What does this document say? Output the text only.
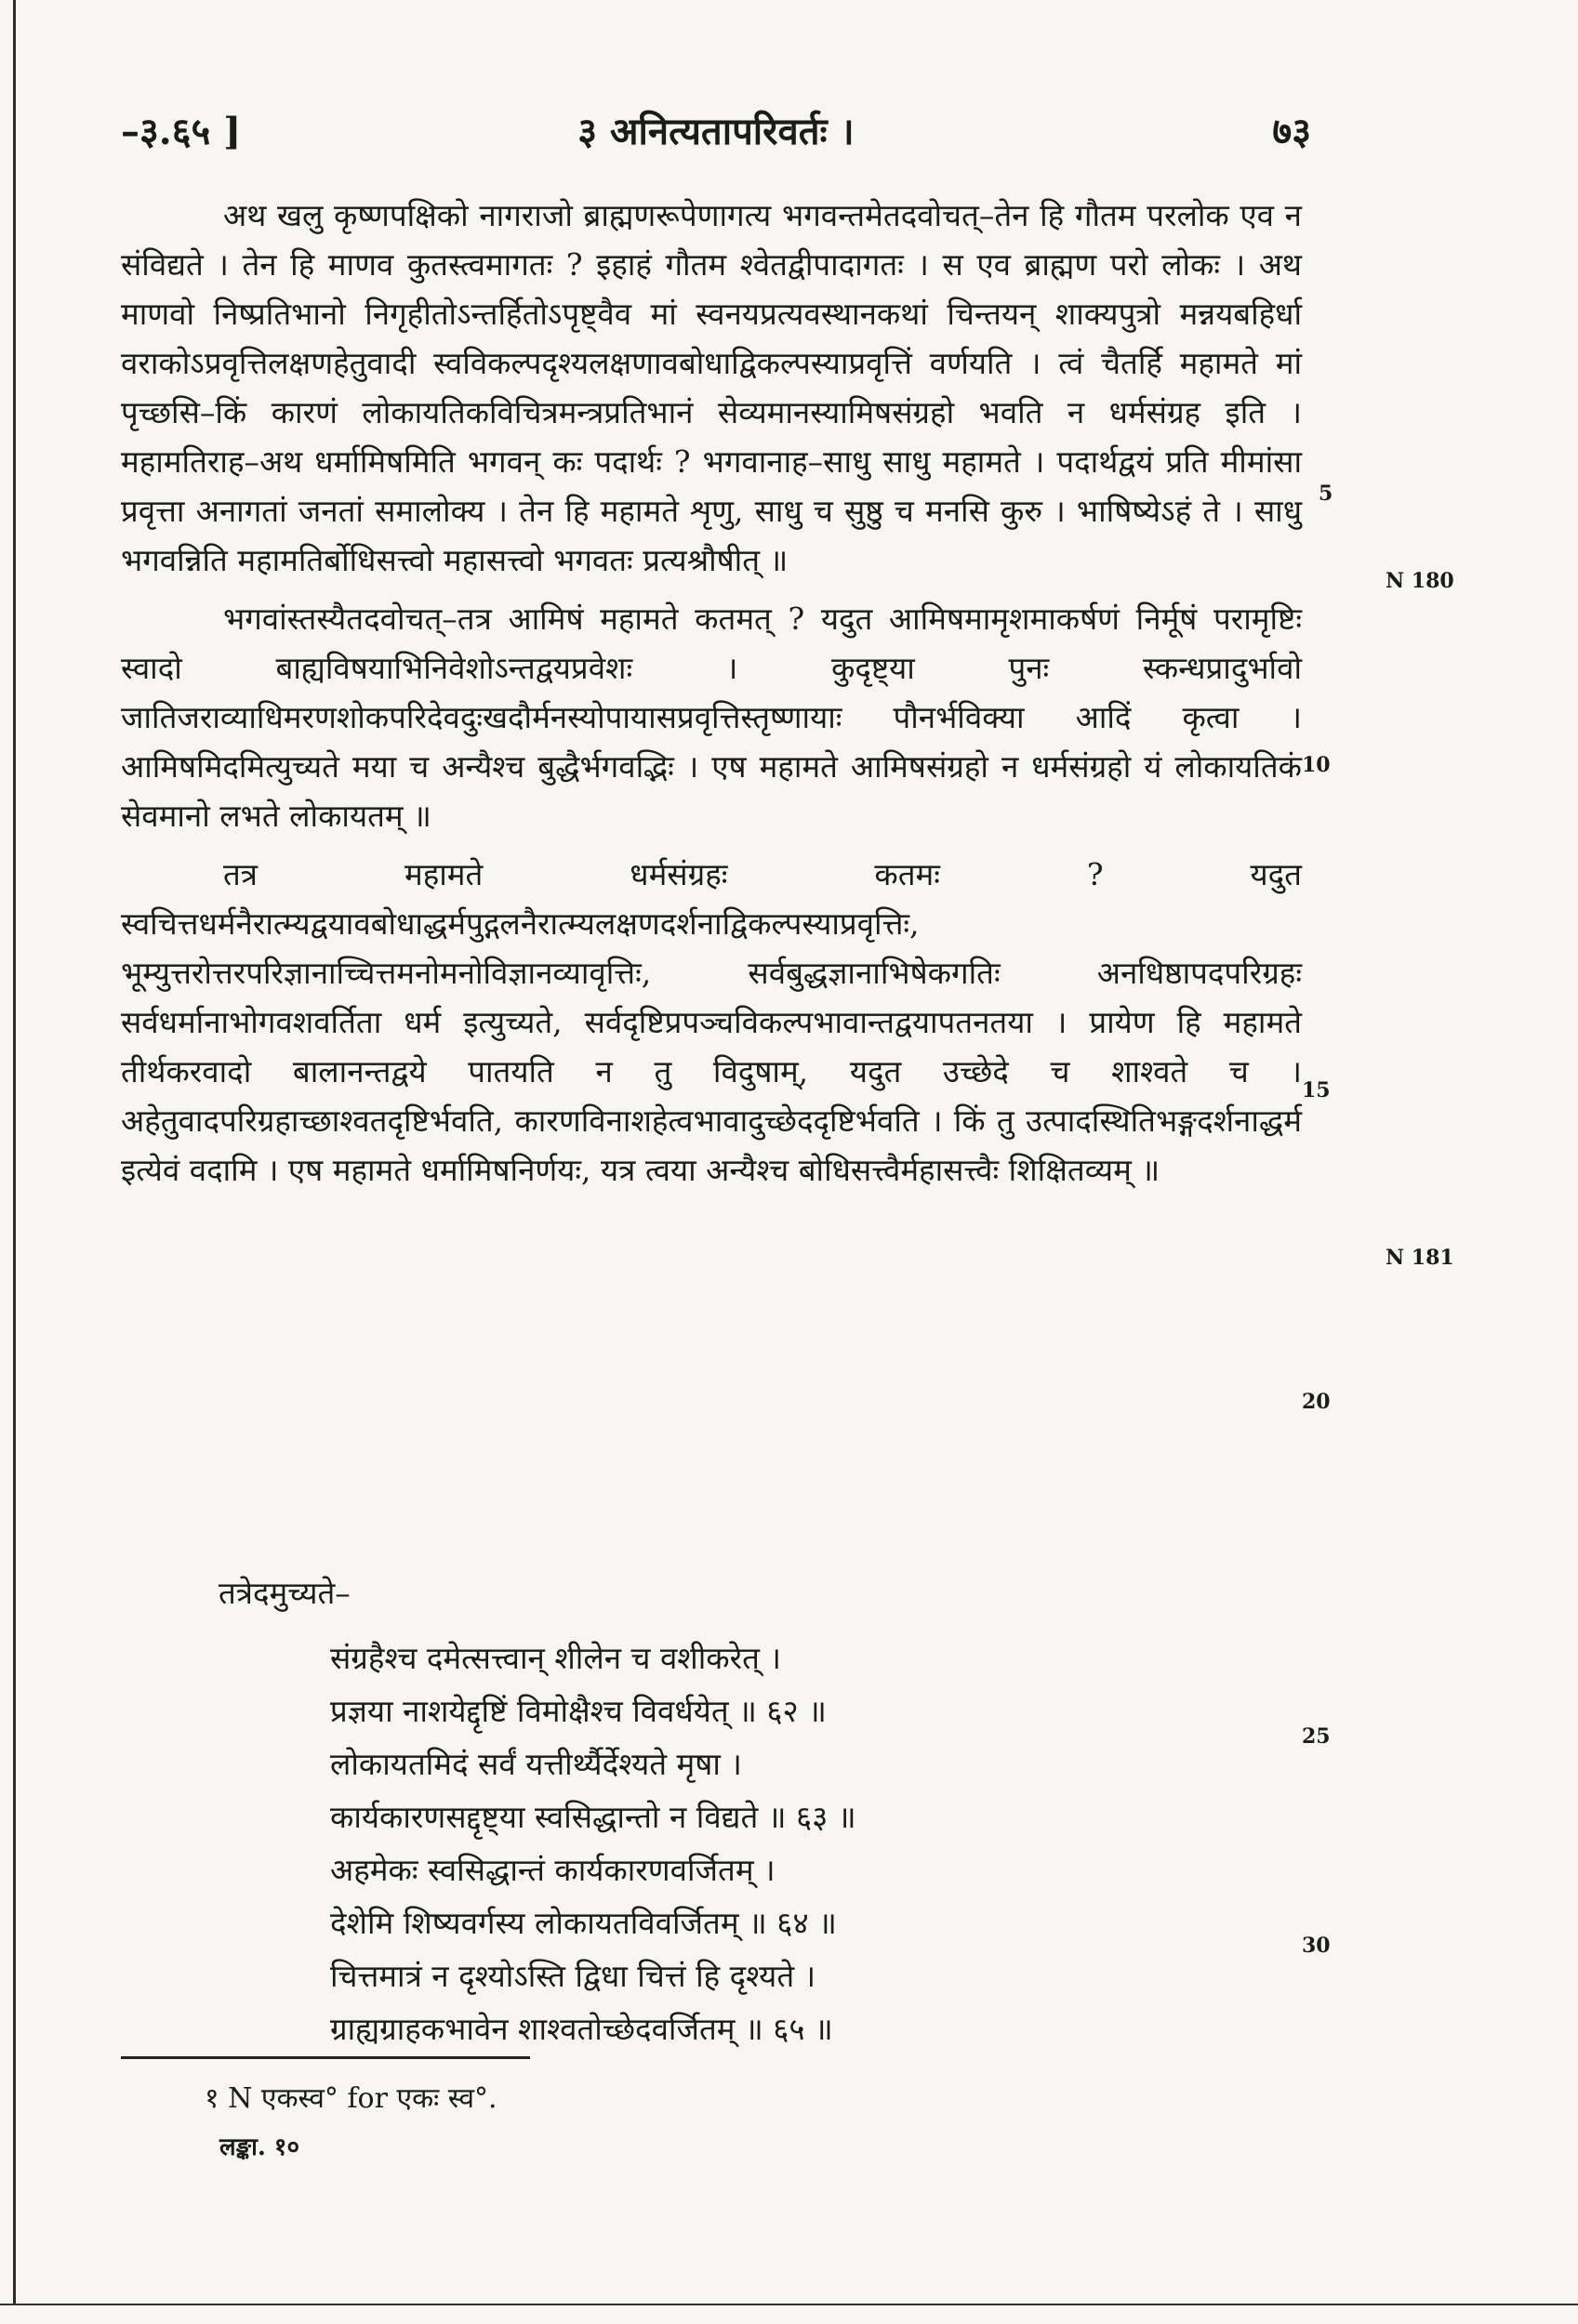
–३.६५ ]	३ अनित्यतापरिवर्तः ।	७३

अथ खलु कृष्णपक्षिको नागराजो ब्राह्मणरूपेणागत्य भगवन्तमेतदवोचत्–तेन हि गौतम परलोक एव न संविद्यते । तेन हि माणव कुतस्त्वमागतः ? इहाहं गौतम श्वेतद्वीपादागतः । स एव ब्राह्मण परो लोकः । अथ माणवो निष्प्रतिभानो निगृहीतोऽन्तर्हितोऽपृष्ट्वैव मां स्वनयप्रत्यवस्थानकथां चिन्तयन् शाक्यपुत्रो मन्नयबहिर्धा वराकोऽप्रवृत्तिलक्षणहेतुवादी स्वविकल्पदृश्यलक्षणावबोधाद्विकल्पस्याप्रवृत्तिं वर्णयति । त्वं चैतर्हि महामते मां पृच्छसि–किं कारणं लोकायतिकविचित्रमन्त्रप्रतिभानं सेव्यमानस्यामिषसंग्रहो भवति न धर्मसंग्रह इति । महामतिराह–अथ धर्मामिषमिति भगवन् कः पदार्थः ? भगवानाह–साधु साधु महामते । पदार्थद्वयं प्रति मीमांसा प्रवृत्ता अनागतां जनतां समालोक्य । तेन हि महामते शृणु, साधु च सुष्ठु च मनसि कुरु । भाषिष्येऽहं ते । साधु भगवन्निति महामतिर्बोधिसत्त्वो महासत्त्वो भगवतः प्रत्यश्रौषीत् ॥

भगवांस्तस्यैतदवोचत्–तत्र आमिषं महामते कतमत् ? यदुत आमिषमामृशमाकर्षणं निर्मूषं परामृष्टिः स्वादो बाह्यविषयाभिनिवेशोऽन्तद्वयप्रवेशः । कुदृष्ट्या पुनः स्कन्धप्रादुर्भावो जातिजराव्याधिमरणशोकपरिदेवदुःखदौर्मनस्योपायासप्रवृत्तिस्तृष्णायाः पौनर्भविक्या आदिं कृत्वा । आमिषमिदमित्युच्यते मया च अन्यैश्च बुद्धैर्भगवद्भिः । एष महामते आमिषसंग्रहो न धर्मसंग्रहो यं लोकायतिकं सेवमानो लभते लोकायतम् ॥

तत्र महामते धर्मसंग्रहः कतमः ? यदुत स्वचित्तधर्मनैरात्म्यद्वयावबोधाद्धर्मपुद्गलनैरात्म्यलक्षणदर्शनाद्विकल्पस्याप्रवृत्तिः, भूम्युत्तरोत्तरपरिज्ञानाच्चित्तमनोमनोविज्ञानव्यावृत्तिः, सर्वबुद्धज्ञानाभिषेकगतिः अनधिष्ठापदपरिग्रहः सर्वधर्मानाभोगवशवर्तिता धर्म इत्युच्यते, सर्वदृष्टिप्रपञ्चविकल्पभावान्तद्वयापतनतया । प्रायेण हि महामते तीर्थकरवादो बालानन्तद्वये पातयति न तु विदुषाम्, यदुत उच्छेदे च शाश्वते च । अहेतुवादपरिग्रहाच्छाश्वतदृष्टिर्भवति, कारणविनाशहेत्वभावादुच्छेददृष्टिर्भवति । किं तु उत्पादस्थितिभङ्गदर्शनाद्धर्म इत्येवं वदामि । एष महामते धर्मामिषनिर्णयः, यत्र त्वया अन्यैश्च बोधिसत्त्वैर्महासत्त्वैः शिक्षितव्यम् ॥

तत्रेदमुच्यते–
संग्रहैश्च दमेत्सत्त्वान् शीलेन च वशीकरेत् ।
प्रज्ञया नाशयेद्दृष्टिं विमोक्षैश्च विवर्धयेत् ॥ ६२ ॥
लोकायतमिदं सर्वं यत्तीर्थ्यैर्देश्यते मृषा ।
कार्यकारणसद्दृष्ट्या स्वसिद्धान्तो न विद्यते ॥ ६३ ॥
अहमेकः स्वसिद्धान्तं कार्यकारणवर्जितम् ।
देशेमि शिष्यवर्गस्य लोकायतविवर्जितम् ॥ ६४ ॥
चित्तमात्रं न दृश्योऽस्ति द्विधा चित्तं हि दृश्यते ।
ग्राह्यग्राहकभावेन शाश्वतोच्छेदवर्जितम् ॥ ६५ ॥
5
10
15
20
25
30
N 180
N 181
१ N एकस्व° for एकः स्व°.
लङ्का. १०
